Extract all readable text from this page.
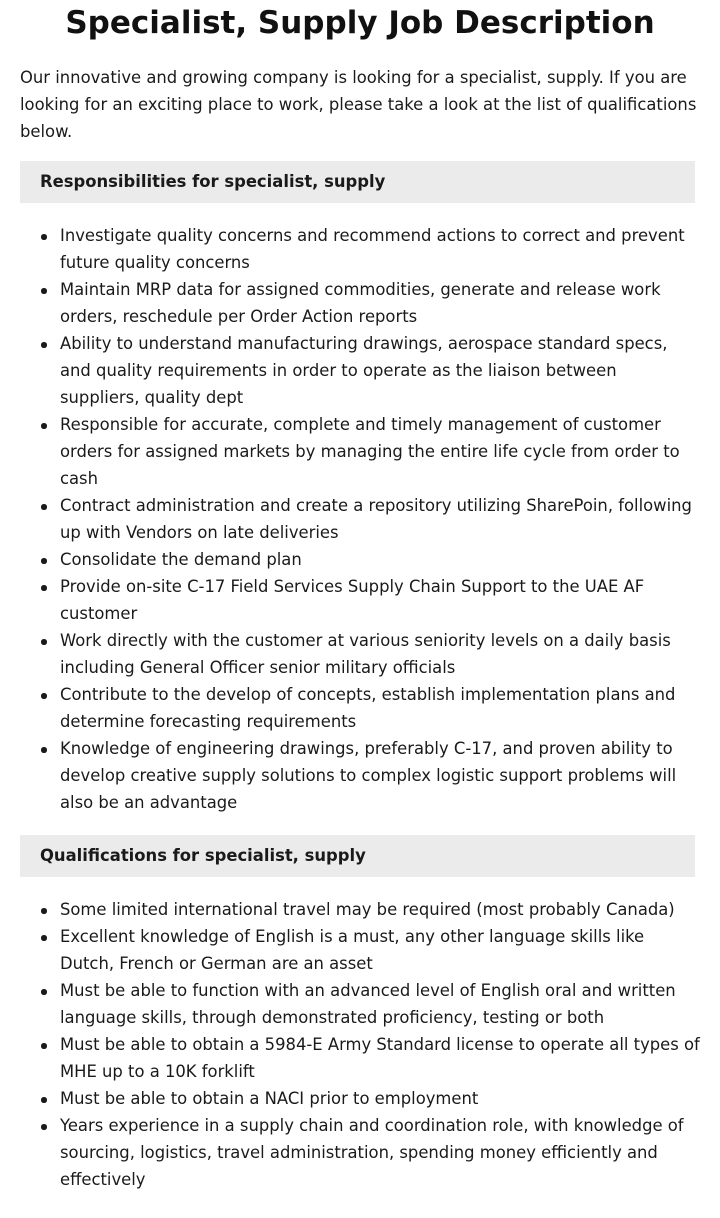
Specialist, Supply Job Description

Our innovative and growing company is looking for a specialist, supply. If you are looking for an exciting place to work, please take a look at the list of qualifications below.

Responsibilities for specialist, supply
Investigate quality concerns and recommend actions to correct and prevent future quality concerns
Maintain MRP data for assigned commodities, generate and release work orders, reschedule per Order Action reports
Ability to understand manufacturing drawings, aerospace standard specs, and quality requirements in order to operate as the liaison between suppliers, quality dept
Responsible for accurate, complete and timely management of customer orders for assigned markets by managing the entire life cycle from order to cash
Contract administration and create a repository utilizing SharePoin, following up with Vendors on late deliveries
Consolidate the demand plan
Provide on-site C-17 Field Services Supply Chain Support to the UAE AF customer
Work directly with the customer at various seniority levels on a daily basis including General Officer senior military officials
Contribute to the develop of concepts, establish implementation plans and determine forecasting requirements
Knowledge of engineering drawings, preferably C-17, and proven ability to develop creative supply solutions to complex logistic support problems will also be an advantage
Qualifications for specialist, supply
Some limited international travel may be required (most probably Canada)
Excellent knowledge of English is a must, any other language skills like Dutch, French or German are an asset
Must be able to function with an advanced level of English oral and written language skills, through demonstrated proficiency, testing or both
Must be able to obtain a 5984-E Army Standard license to operate all types of MHE up to a 10K forklift
Must be able to obtain a NACI prior to employment
Years experience in a supply chain and coordination role, with knowledge of sourcing, logistics, travel administration, spending money efficiently and effectively
